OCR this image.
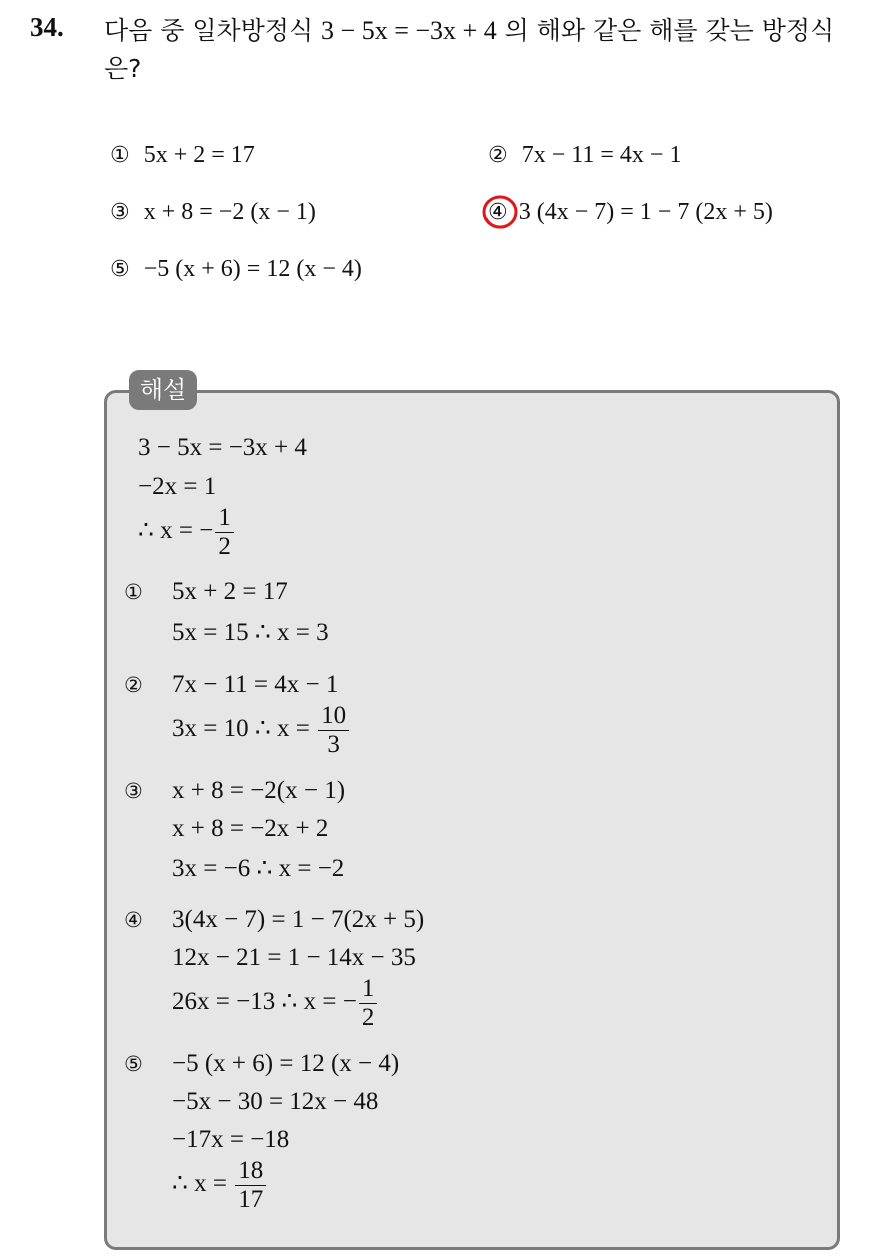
34. 다음 중 일차방정식 3 − 5x = −3x + 4 의 해와 같은 해를 갖는 방정식은?
① 5x + 2 = 17	② 7x − 11 = 4x − 1
③ x + 8 = −2 (x − 1)	④ 3 (4x − 7) = 1 − 7 (2x + 5)
⑤ −5 (x + 6) = 12 (x − 4)
해설
3 − 5x = −3x + 4
−2x = 1
∴ x = − $\frac{1}{2}$
① 5x + 2 = 17
5x = 15 ∴ x = 3
② 7x − 11 = 4x − 1
3x = 10 ∴ $x = \frac{10}{3}$
③ x + 8 = −2(x − 1)
x + 8 = −2x + 2
3x = −6 ∴ x = −2
④ 3(4x − 7) = 1 − 7(2x + 5)
12x − 21 = 1 − 14x − 35
26x = −13 ∴ x = − $\frac{1}{2}$
⑤ −5 (x + 6) = 12 (x − 4)
−5x − 30 = 12x − 48
−17x = −18
∴ $x = \frac{18}{17}$
